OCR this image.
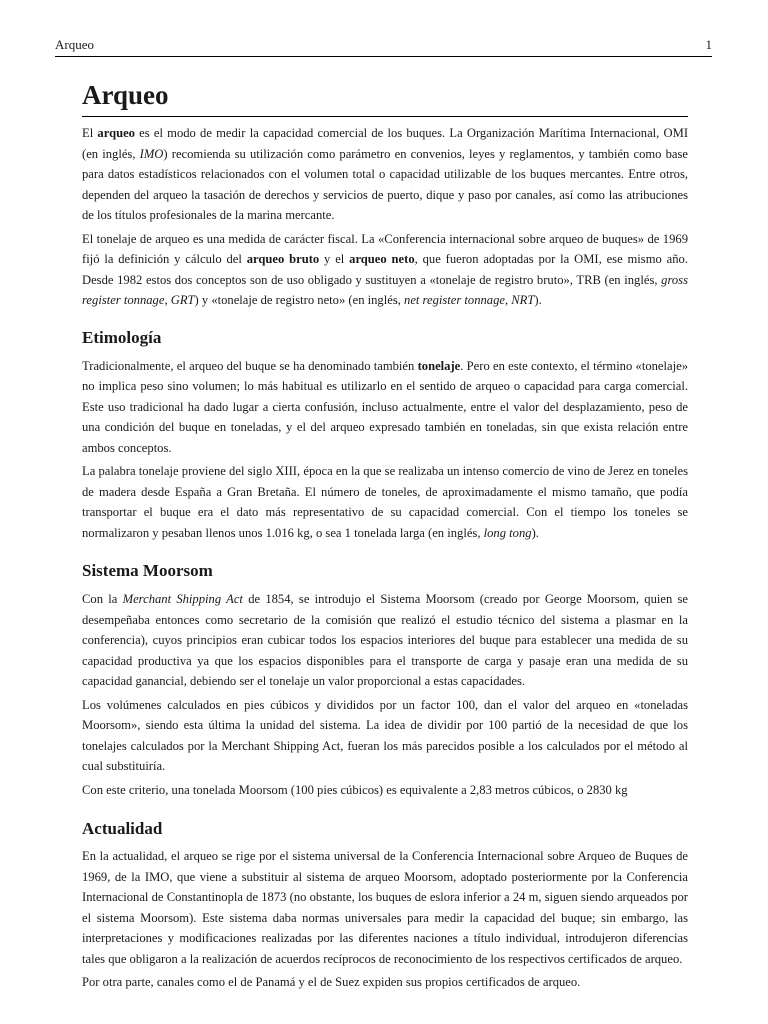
Arqueo	1
Arqueo

El arqueo es el modo de medir la capacidad comercial de los buques. La Organización Marítima Internacional, OMI (en inglés, IMO) recomienda su utilización como parámetro en convenios, leyes y reglamentos, y también como base para datos estadísticos relacionados con el volumen total o capacidad utilizable de los buques mercantes. Entre otros, dependen del arqueo la tasación de derechos y servicios de puerto, dique y paso por canales, así como las atribuciones de los títulos profesionales de la marina mercante.

El tonelaje de arqueo es una medida de carácter fiscal. La «Conferencia internacional sobre arqueo de buques» de 1969 fijó la definición y cálculo del arqueo bruto y el arqueo neto, que fueron adoptadas por la OMI, ese mismo año. Desde 1982 estos dos conceptos son de uso obligado y sustituyen a «tonelaje de registro bruto», TRB (en inglés, gross register tonnage, GRT) y «tonelaje de registro neto» (en inglés, net register tonnage, NRT).

Etimología

Tradicionalmente, el arqueo del buque se ha denominado también tonelaje. Pero en este contexto, el término «tonelaje» no implica peso sino volumen; lo más habitual es utilizarlo en el sentido de arqueo o capacidad para carga comercial. Este uso tradicional ha dado lugar a cierta confusión, incluso actualmente, entre el valor del desplazamiento, peso de una condición del buque en toneladas, y el del arqueo expresado también en toneladas, sin que exista relación entre ambos conceptos.

La palabra tonelaje proviene del siglo XIII, época en la que se realizaba un intenso comercio de vino de Jerez en toneles de madera desde España a Gran Bretaña. El número de toneles, de aproximadamente el mismo tamaño, que podía transportar el buque era el dato más representativo de su capacidad comercial. Con el tiempo los toneles se normalizaron y pesaban llenos unos 1.016 kg, o sea 1 tonelada larga (en inglés, long tong).

Sistema Moorsom

Con la Merchant Shipping Act de 1854, se introdujo el Sistema Moorsom (creado por George Moorsom, quien se desempeñaba entonces como secretario de la comisión que realizó el estudio técnico del sistema a plasmar en la conferencia), cuyos principios eran cubicar todos los espacios interiores del buque para establecer una medida de su capacidad productiva ya que los espacios disponibles para el transporte de carga y pasaje eran una medida de su capacidad ganancial, debiendo ser el tonelaje un valor proporcional a estas capacidades.

Los volúmenes calculados en pies cúbicos y divididos por un factor 100, dan el valor del arqueo en «toneladas Moorsom», siendo esta última la unidad del sistema. La idea de dividir por 100 partió de la necesidad de que los tonelajes calculados por la Merchant Shipping Act, fueran los más parecidos posible a los calculados por el método al cual substituiría.

Con este criterio, una tonelada Moorsom (100 pies cúbicos) es equivalente a 2,83 metros cúbicos, o 2830 kg

Actualidad

En la actualidad, el arqueo se rige por el sistema universal de la Conferencia Internacional sobre Arqueo de Buques de 1969, de la IMO, que viene a substituir al sistema de arqueo Moorsom, adoptado posteriormente por la Conferencia Internacional de Constantinopla de 1873 (no obstante, los buques de eslora inferior a 24 m, siguen siendo arqueados por el sistema Moorsom). Este sistema daba normas universales para medir la capacidad del buque; sin embargo, las interpretaciones y modificaciones realizadas por las diferentes naciones a título individual, introdujeron diferencias tales que obligaron a la realización de acuerdos recíprocos de reconocimiento de los respectivos certificados de arqueo.

Por otra parte, canales como el de Panamá y el de Suez expiden sus propios certificados de arqueo.
